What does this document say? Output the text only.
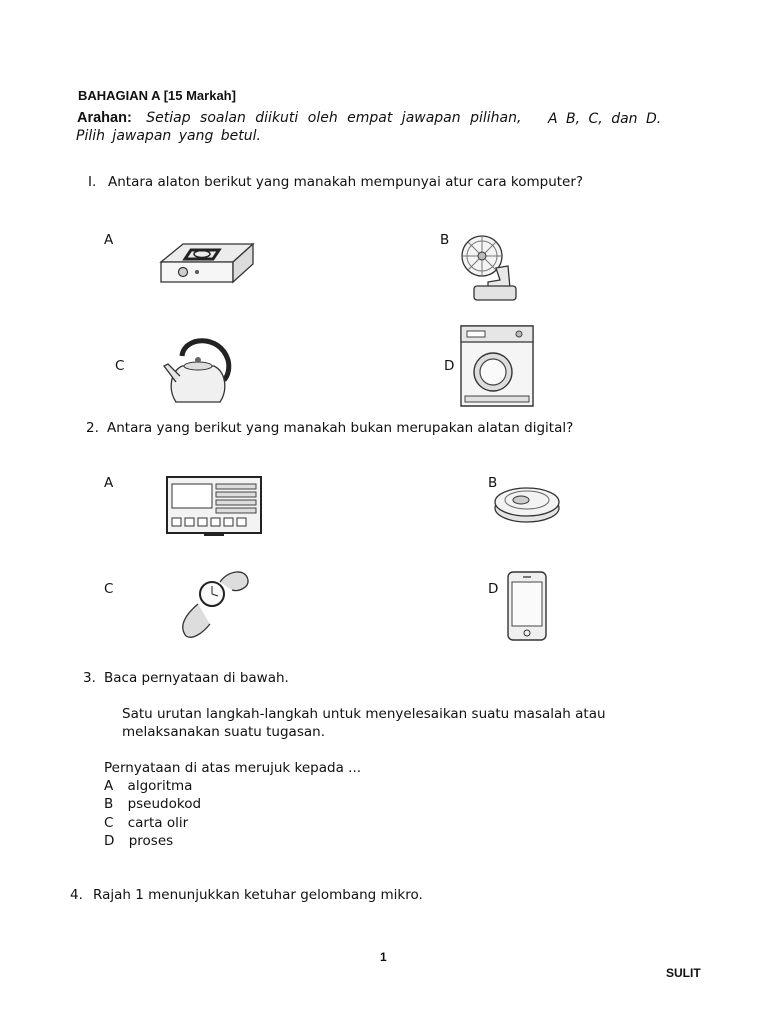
BAHAGIAN A [15 Markah]
Arahan: Setiap soalan diikuti oleh empat jawapan pilihan, A B, C, dan D.
Pilih jawapan yang betul.
I. Antara alaton berikut yang manakah mempunyai atur cara komputer?
A	B
C	D
2. Antara yang berikut yang manakah bukan merupakan alatan digital?
A	B
C	D
3. Baca pernyataan di bawah.
Satu urutan langkah-langkah untuk menyelesaikan suatu masalah atau
melaksanakan suatu tugasan.
Pernyataan di atas merujuk kepada ...
A algoritma
B pseudokod
C carta olir
D proses
4. Rajah 1 menunjukkan ketuhar gelombang mikro.
1
SULIT
